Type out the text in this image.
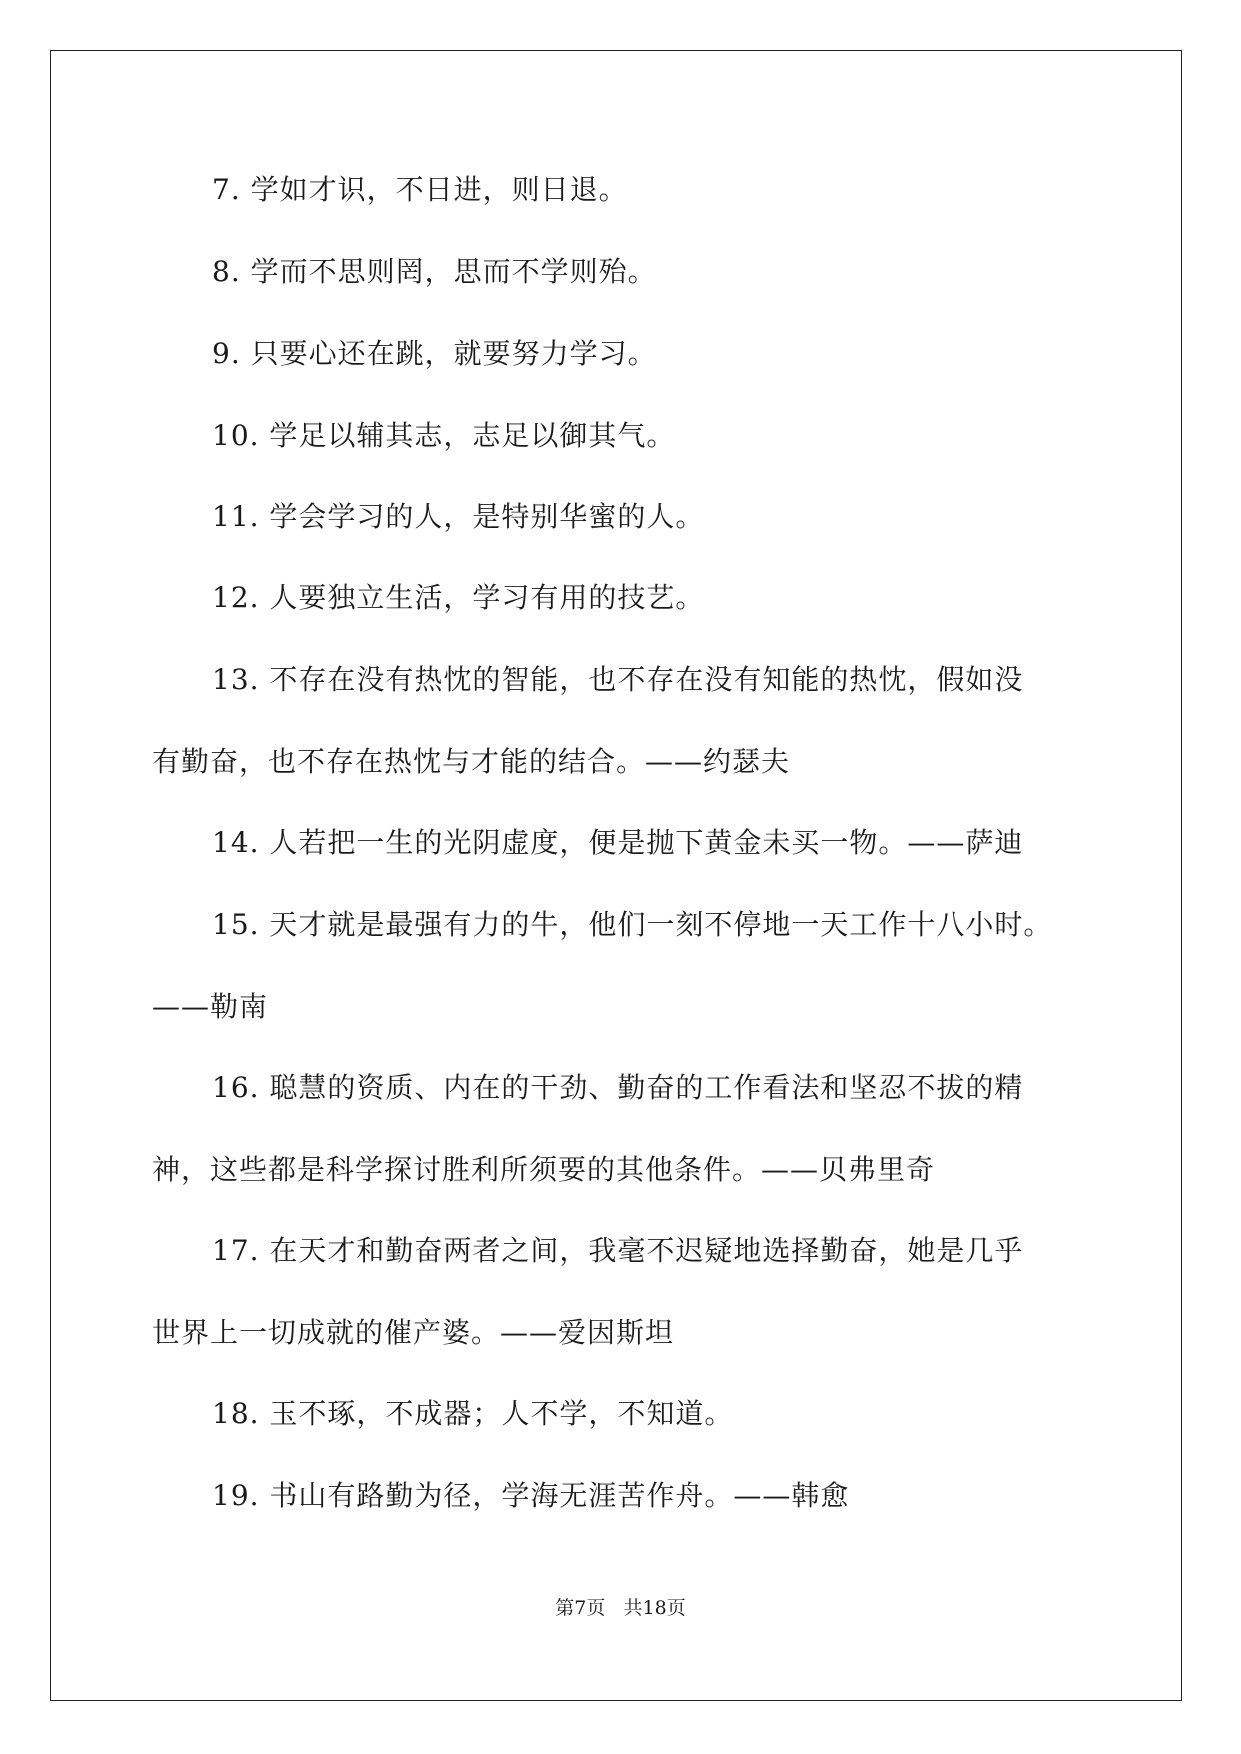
7. 学如才识，不日进，则日退。
8. 学而不思则罔，思而不学则殆。
9. 只要心还在跳，就要努力学习。
10. 学足以辅其志，志足以御其气。
11. 学会学习的人，是特别华蜜的人。
12. 人要独立生活，学习有用的技艺。
13. 不存在没有热忱的智能，也不存在没有知能的热忱，假如没
有勤奋，也不存在热忱与才能的结合。——约瑟夫
14. 人若把一生的光阴虚度，便是抛下黄金未买一物。——萨迪
15. 天才就是最强有力的牛，他们一刻不停地一天工作十八小时。
——勒南
16. 聪慧的资质、内在的干劲、勤奋的工作看法和坚忍不拔的精
神，这些都是科学探讨胜利所须要的其他条件。——贝弗里奇
17. 在天才和勤奋两者之间，我毫不迟疑地选择勤奋，她是几乎
世界上一切成就的催产婆。——爱因斯坦
18. 玉不琢，不成器；人不学，不知道。
19. 书山有路勤为径，学海无涯苦作舟。——韩愈
第7页 共18页
